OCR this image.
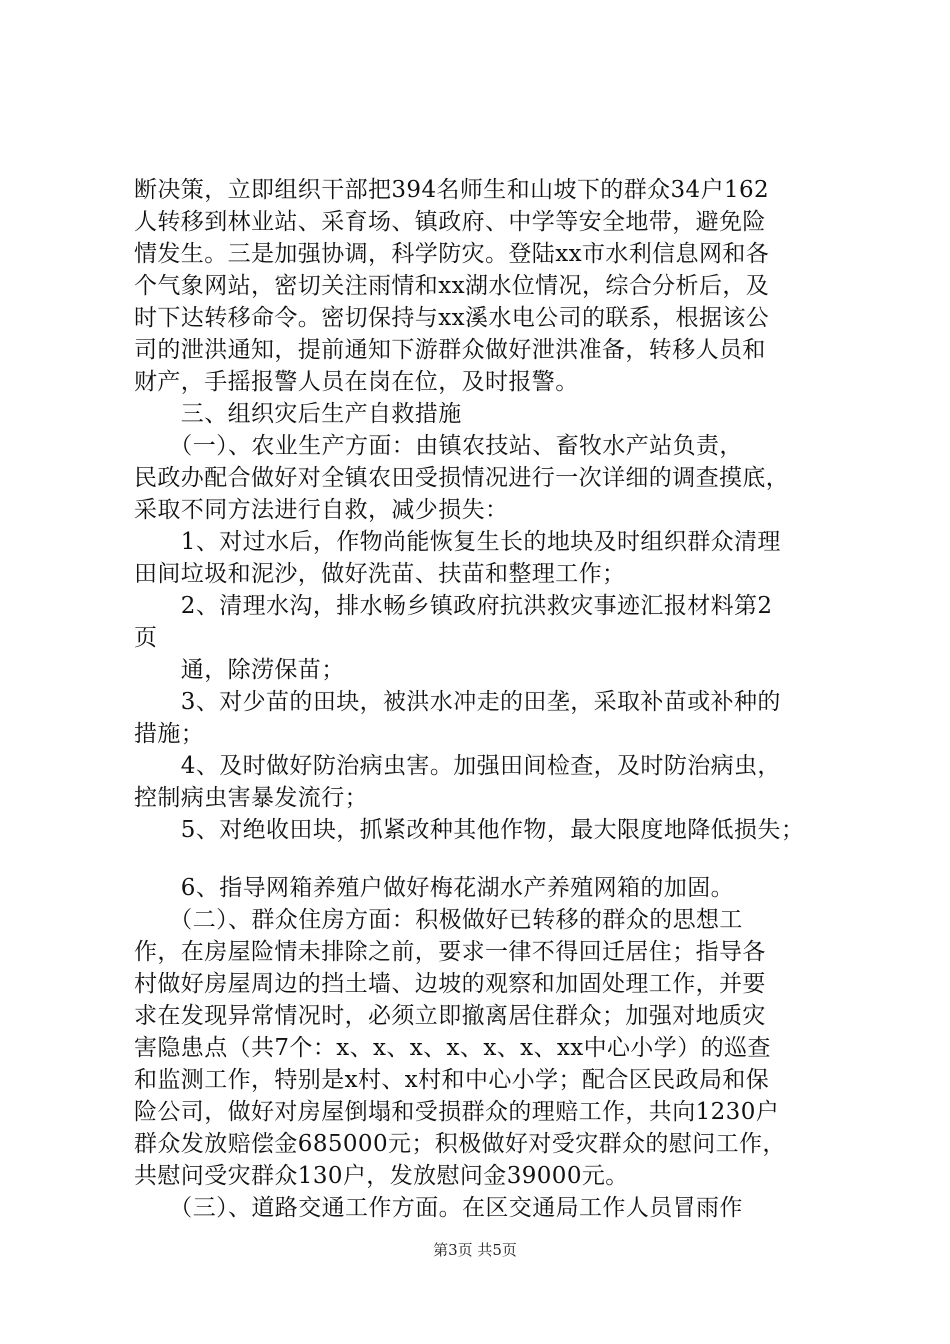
断决策，立即组织干部把394名师生和山坡下的群众34户162
人转移到林业站、采育场、镇政府、中学等安全地带，避免险
情发生。三是加强协调，科学防灾。登陆xx市水利信息网和各
个气象网站，密切关注雨情和xx湖水位情况，综合分析后，及
时下达转移命令。密切保持与xx溪水电公司的联系，根据该公
司的泄洪通知，提前通知下游群众做好泄洪准备，转移人员和
财产，手摇报警人员在岗在位，及时报警。
　　三、组织灾后生产自救措施
　　（一）、农业生产方面：由镇农技站、畜牧水产站负责，
民政办配合做好对全镇农田受损情况进行一次详细的调查摸底，
采取不同方法进行自救，减少损失：
　　1、对过水后，作物尚能恢复生长的地块及时组织群众清理
田间垃圾和泥沙，做好洗苗、扶苗和整理工作；
　　2、清理水沟，排水畅乡镇政府抗洪救灾事迹汇报材料第2
页
　　通，除涝保苗；
　　3、对少苗的田块，被洪水冲走的田垄，采取补苗或补种的
措施；
　　4、及时做好防治病虫害。加强田间检查，及时防治病虫，
控制病虫害暴发流行；
　　5、对绝收田块，抓紧改种其他作物，最大限度地降低损失；
　　6、指导网箱养殖户做好梅花湖水产养殖网箱的加固。
　　（二）、群众住房方面：积极做好已转移的群众的思想工
作，在房屋险情未排除之前，要求一律不得回迁居住；指导各
村做好房屋周边的挡土墙、边坡的观察和加固处理工作，并要
求在发现异常情况时，必须立即撤离居住群众；加强对地质灾
害隐患点（共7个：x、x、x、x、x、x、xx中心小学）的巡查
和监测工作，特别是x村、x村和中心小学；配合区民政局和保
险公司，做好对房屋倒塌和受损群众的理赔工作，共向1230户
群众发放赔偿金685000元；积极做好对受灾群众的慰问工作，
共慰问受灾群众130户，发放慰问金39000元。
　　（三）、道路交通工作方面。在区交通局工作人员冒雨作
第3页 共5页
